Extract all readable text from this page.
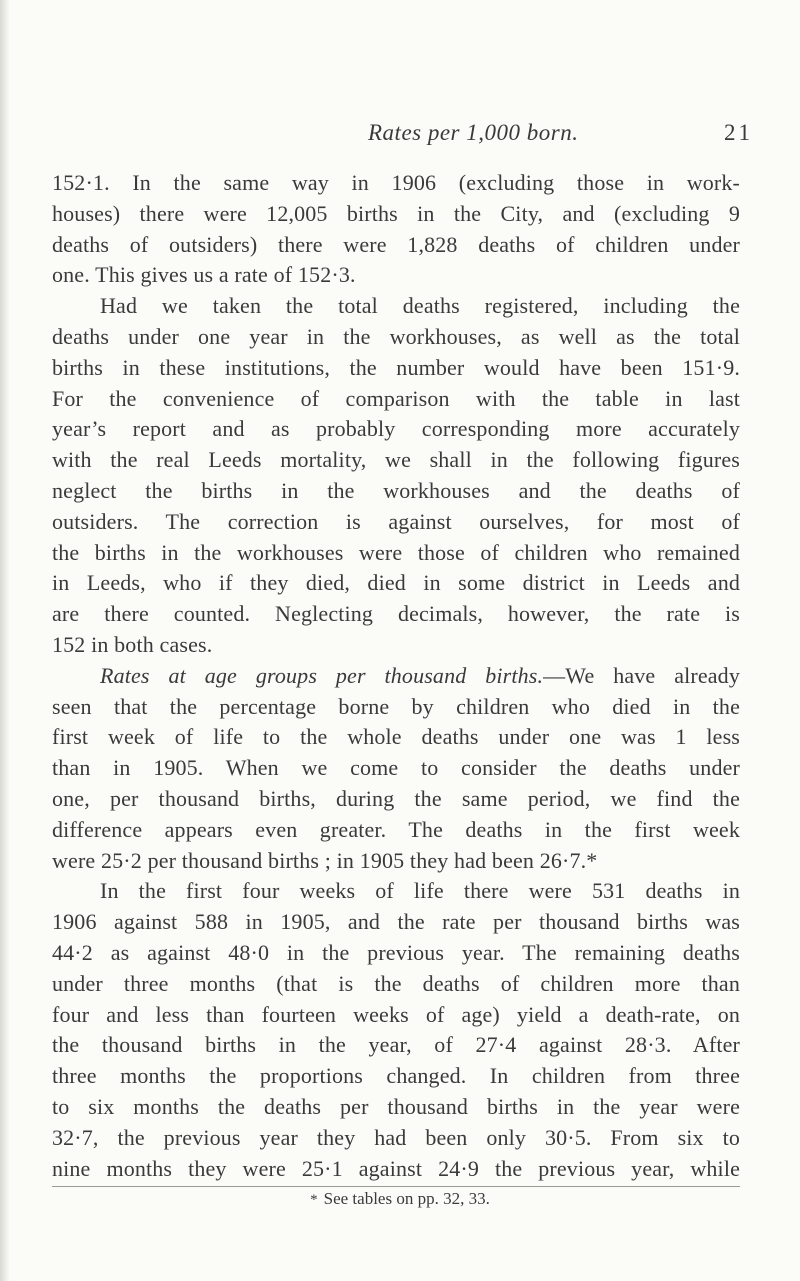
Rates per 1,000 born.	21
152·1. In the same way in 1906 (excluding those in work-
houses) there were 12,005 births in the City, and (excluding 9
deaths of outsiders) there were 1,828 deaths of children under
one. This gives us a rate of 152·3.
Had we taken the total deaths registered, including the
deaths under one year in the workhouses, as well as the total
births in these institutions, the number would have been 151·9.
For the convenience of comparison with the table in last
year’s report and as probably corresponding more accurately
with the real Leeds mortality, we shall in the following figures
neglect the births in the workhouses and the deaths of
outsiders. The correction is against ourselves, for most of
the births in the workhouses were those of children who remained
in Leeds, who if they died, died in some district in Leeds and
are there counted. Neglecting decimals, however, the rate is
152 in both cases.
Rates at age groups per thousand births.—We have already
seen that the percentage borne by children who died in the
first week of life to the whole deaths under one was 1 less
than in 1905. When we come to consider the deaths under
one, per thousand births, during the same period, we find the
difference appears even greater. The deaths in the first week
were 25·2 per thousand births ; in 1905 they had been 26·7.*
In the first four weeks of life there were 531 deaths in
1906 against 588 in 1905, and the rate per thousand births was
44·2 as against 48·0 in the previous year. The remaining deaths
under three months (that is the deaths of children more than
four and less than fourteen weeks of age) yield a death-rate, on
the thousand births in the year, of 27·4 against 28·3. After
three months the proportions changed. In children from three
to six months the deaths per thousand births in the year were
32·7, the previous year they had been only 30·5. From six to
nine months they were 25·1 against 24·9 the previous year, while
* See tables on pp. 32, 33.
